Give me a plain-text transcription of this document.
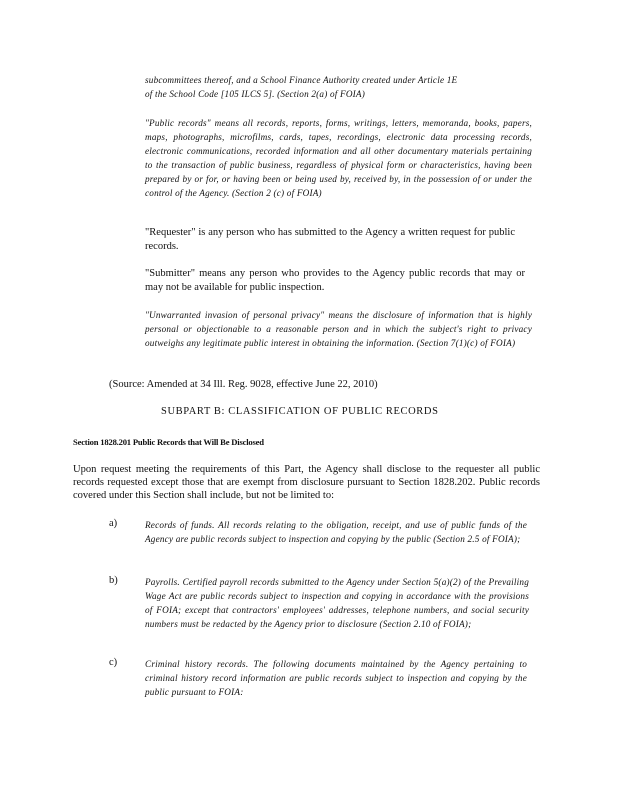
subcommittees thereof, and a School Finance Authority created under Article 1E
of the School Code [105 ILCS 5]. (Section 2(a) of FOIA)

"Public records" means all records, reports, forms, writings, letters, memoranda, books, papers, maps, photographs, microfilms, cards, tapes, recordings, electronic data processing records, electronic communications, recorded information and all other documentary materials pertaining to the transaction of public business, regardless of physical form or characteristics, having been prepared by or for, or having been or being used by, received by, in the possession of or under the control of the Agency. (Section 2 (c) of FOIA)

"Requester" is any person who has submitted to the Agency a written request for public records.

"Submitter" means any person who provides to the Agency public records that may or may not be available for public inspection.

"Unwarranted invasion of personal privacy" means the disclosure of information that is highly personal or objectionable to a reasonable person and in which the subject's right to privacy outweighs any legitimate public interest in obtaining the information. (Section 7(1)(c) of FOIA)

(Source: Amended at 34 Ill. Reg. 9028, effective June 22, 2010)

SUBPART B: CLASSIFICATION OF PUBLIC RECORDS
Section 1828.201 Public Records that Will Be Disclosed

Upon request meeting the requirements of this Part, the Agency shall disclose to the requester all public records requested except those that are exempt from disclosure pursuant to Section 1828.202. Public records covered under this Section shall include, but not be limited to:

a)	Records of funds. All records relating to the obligation, receipt, and use of public funds of the Agency are public records subject to inspection and copying by the public (Section 2.5 of FOIA);

b)	Payrolls. Certified payroll records submitted to the Agency under Section 5(a)(2) of the Prevailing Wage Act are public records subject to inspection and copying in accordance with the provisions of FOIA; except that contractors' employees' addresses, telephone numbers, and social security numbers must be redacted by the Agency prior to disclosure (Section 2.10 of FOIA);

c)	Criminal history records. The following documents maintained by the Agency pertaining to criminal history record information are public records subject to inspection and copying by the public pursuant to FOIA:
